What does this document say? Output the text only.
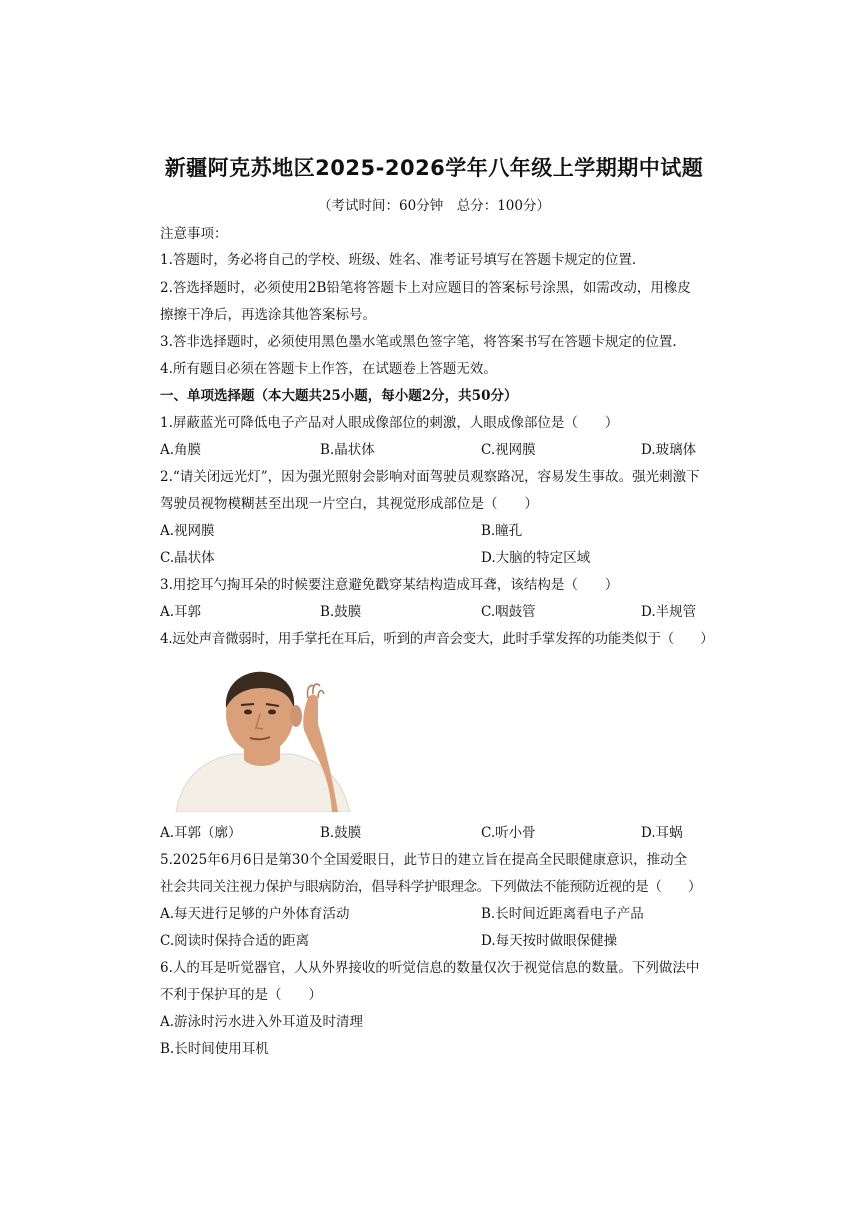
新疆阿克苏地区2025-2026学年八年级上学期期中试题
（考试时间：60分钟　总分：100分）
注意事项：
1.答题时，务必将自己的学校、班级、姓名、准考证号填写在答题卡规定的位置.
2.答选择题时，必须使用2B铅笔将答题卡上对应题目的答案标号涂黑，如需改动，用橡皮
擦擦干净后，再选涂其他答案标号。
3.答非选择题时，必须使用黑色墨水笔或黑色签字笔，将答案书写在答题卡规定的位置.
4.所有题目必须在答题卡上作答，在试题卷上答题无效。
一、单项选择题（本大题共25小题，每小题2分，共50分）
1.屏蔽蓝光可降低电子产品对人眼成像部位的刺激，人眼成像部位是（　　）
A.角膜	B.晶状体	C.视网膜	D.玻璃体
2.“请关闭远光灯”，因为强光照射会影响对面驾驶员观察路况，容易发生事故。强光刺激下
驾驶员视物模糊甚至出现一片空白，其视觉形成部位是（　　）
A.视网膜	B.瞳孔
C.晶状体	D.大脑的特定区域
3.用挖耳勺掏耳朵的时候要注意避免戳穿某结构造成耳聋，该结构是（　　）
A.耳郭	B.鼓膜	C.咽鼓管	D.半规管
4.远处声音微弱时，用手掌托在耳后，听到的声音会变大，此时手掌发挥的功能类似于（　　）
A.耳郭（廓）	B.鼓膜	C.听小骨	D.耳蜗
5.2025年6月6日是第30个全国爱眼日，此节日的建立旨在提高全民眼健康意识，推动全
社会共同关注视力保护与眼病防治，倡导科学护眼理念。下列做法不能预防近视的是（　　）
A.每天进行足够的户外体育活动	B.长时间近距离看电子产品
C.阅读时保持合适的距离	D.每天按时做眼保健操
6.人的耳是听觉器官，人从外界接收的听觉信息的数量仅次于视觉信息的数量。下列做法中
不利于保护耳的是（　　）
A.游泳时污水进入外耳道及时清理
B.长时间使用耳机
